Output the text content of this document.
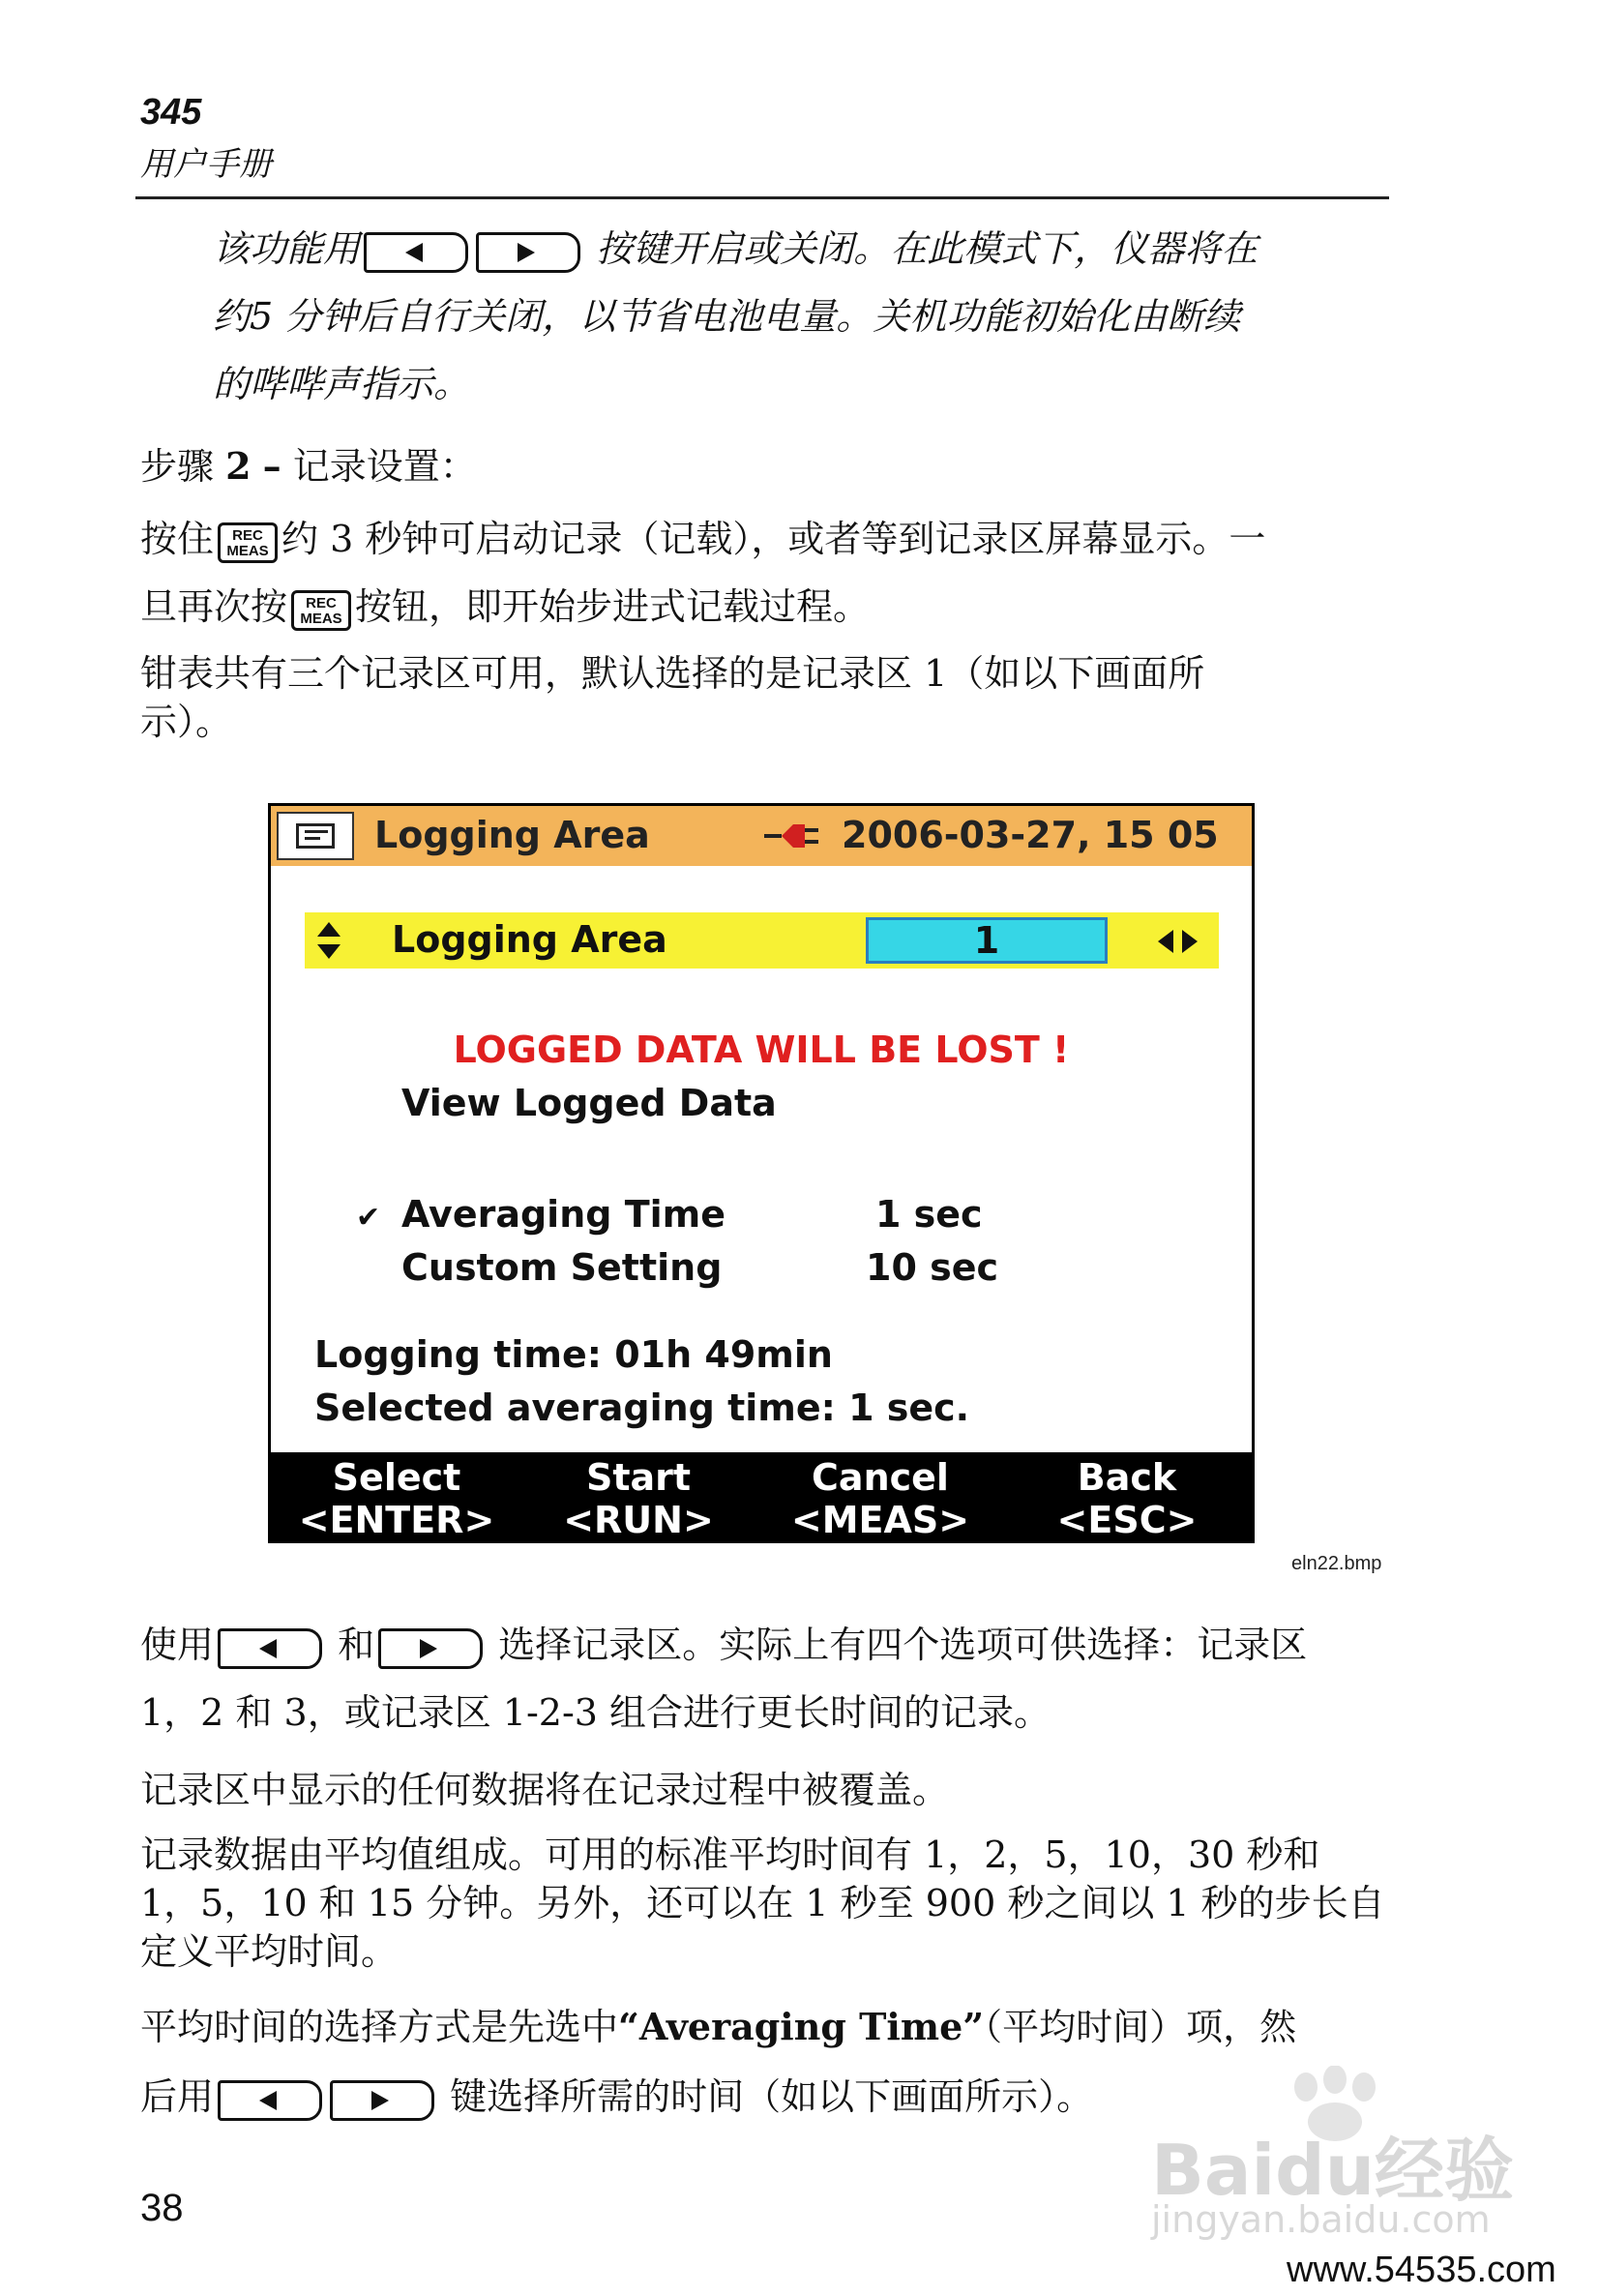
345
用户手册
该功能用	按键开启或关闭。在此模式下，仪器将在
约5 分钟后自行关闭，以节省电池电量。关机功能初始化由断续
的哔哔声指示。
步骤 2 – 记录设置：
按住	REC
MEAS 约 3 秒钟可启动记录（记载），或者等到记录区屏幕显示。一
旦再次按	REC
MEAS 按钮，即开始步进式记载过程。
钳表共有三个记录区可用，默认选择的是记录区 1（如以下画面所
示）。
Logging Area	2006-03-27, 15 05
Logging Area	1
LOGGED DATA WILL BE LOST !
View Logged Data
✔ Averaging Time	1 sec
Custom Setting	10 sec
Logging time: 01h 49min
Selected averaging time: 1 sec.
Select
<ENTER>
Start
<RUN>
Cancel
<MEAS>
Back
<ESC>
eln22.bmp
使用	和	选择记录区。实际上有四个选项可供选择：记录区
1，2 和 3，或记录区 1-2-3 组合进行更长时间的记录。
记录区中显示的任何数据将在记录过程中被覆盖。
记录数据由平均值组成。可用的标准平均时间有 1，2，5，10，30 秒和
1，5，10 和 15 分钟。另外，还可以在 1 秒至 900 秒之间以 1 秒的步长自
定义平均时间。
平均时间的选择方式是先选中“Averaging Time”（平均时间）项，然
后用	键选择所需的时间（如以下画面所示）。
38	Baidu经验
jingyan.baidu.com
www.54535.com
